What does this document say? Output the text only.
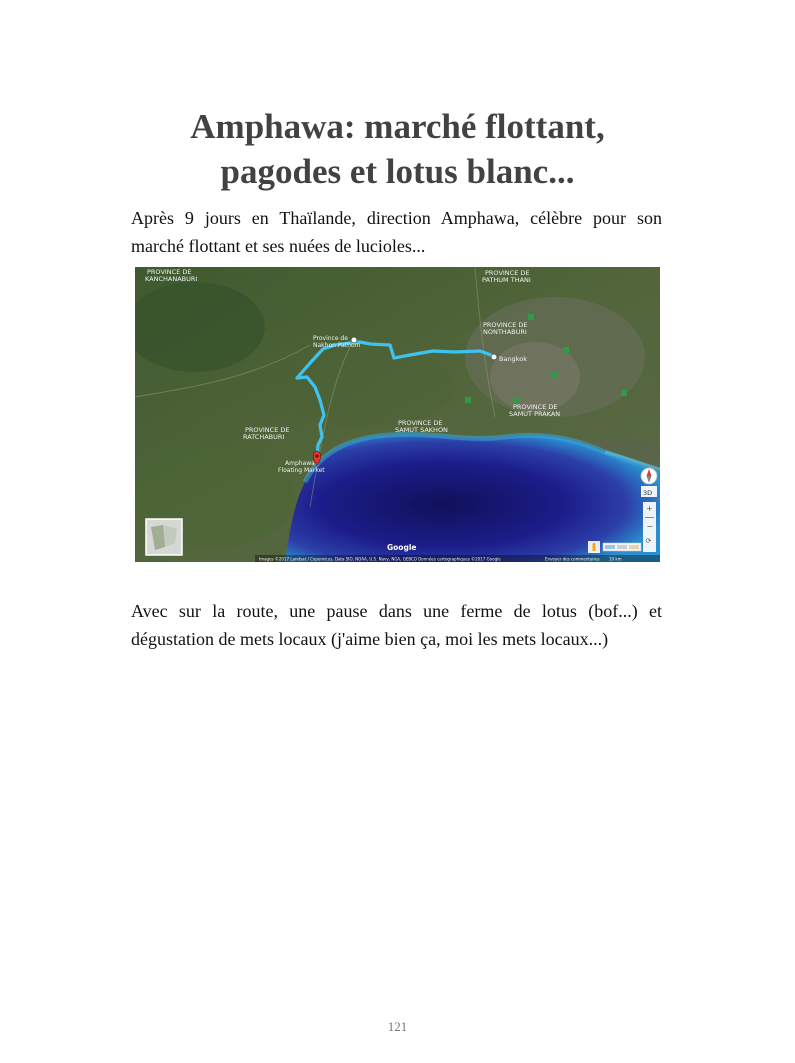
Amphawa: marché flottant,
pagodes et lotus blanc...
Après 9 jours en Thaïlande, direction Amphawa, célèbre pour son
marché flottant et ses nuées de lucioles...
PROVINCE DE
KANCHANABURI
PROVINCE DE
PATHUM THANI
PROVINCE DE
NONTHABURI
Province de
Nakhon Pathom
Bangkok
PROVINCE DE
SAMUT PRAKAN
PROVINCE DE
SAMUT SAKHON
PROVINCE DE
RATCHABURI
Amphawa
Floating Market
Google
Images ©2017 Landsat / Copernicus, Data SIO, NOAA, U.S. Navy, NGA, GEBCO Données cartographiques ©2017 Google	Envoyer des commentaires 10 km
3D
+
−
⟳
Avec sur la route, une pause dans une ferme de lotus (bof...) et
dégustation de mets locaux (j'aime bien ça, moi les mets locaux...)
121
